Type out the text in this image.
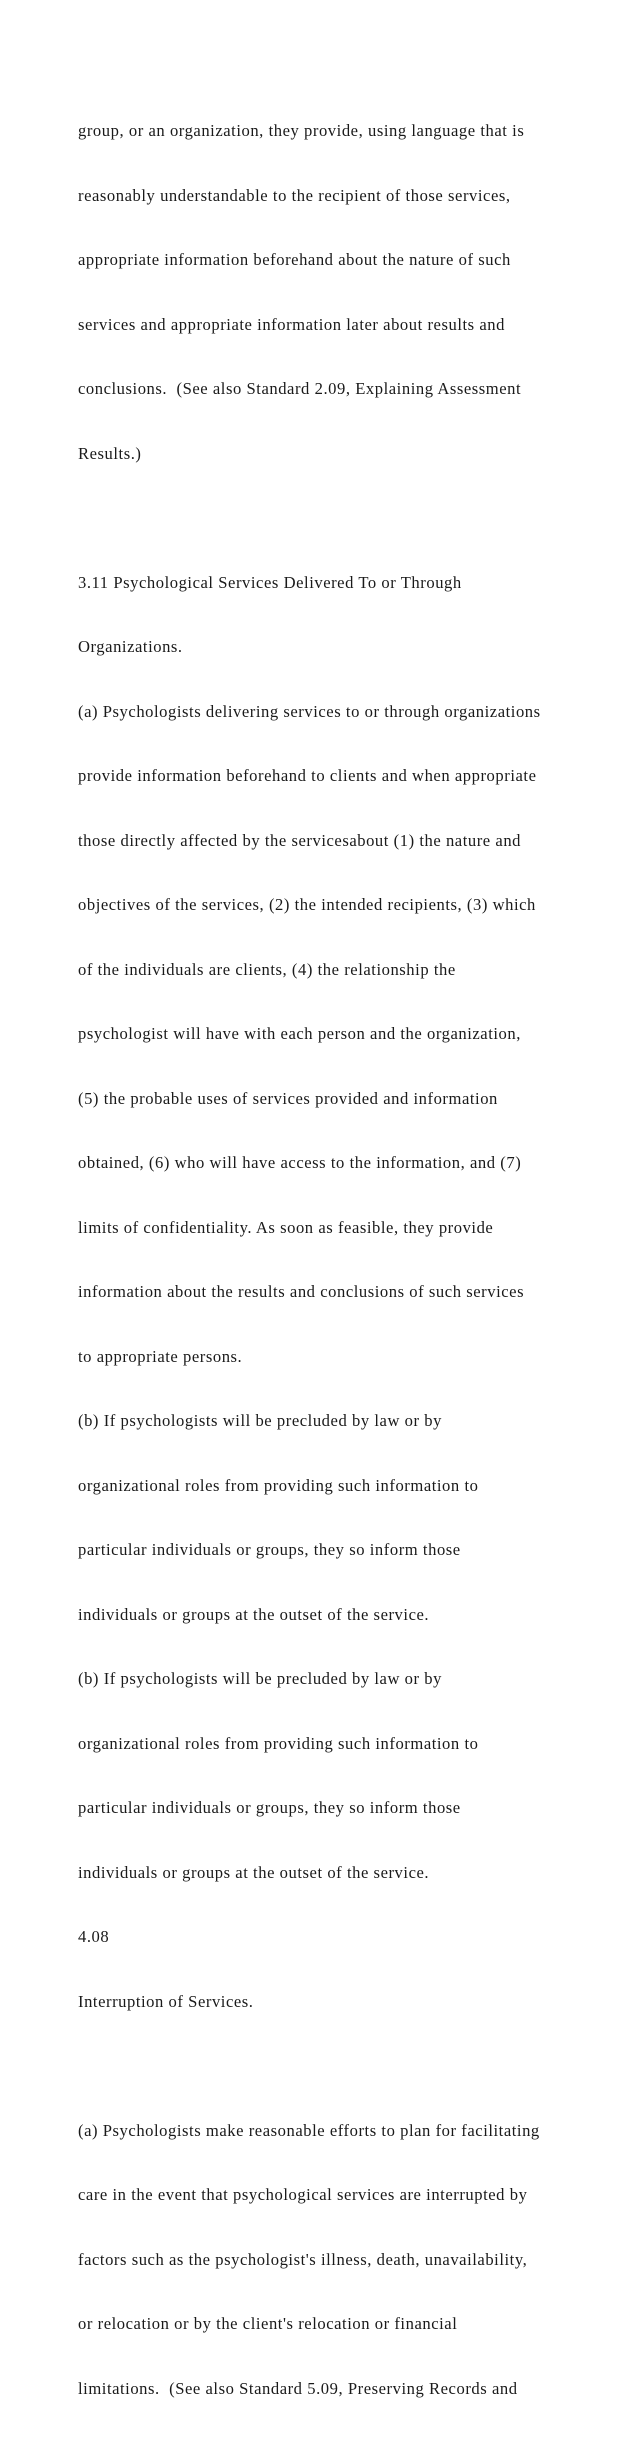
group, or an organization, they provide, using language that is

reasonably understandable to the recipient of those services,

appropriate information beforehand about the nature of such

services and appropriate information later about results and

conclusions.  (See also Standard 2.09, Explaining Assessment

Results.)

3.11 Psychological Services Delivered To or Through

Organizations.

(a) Psychologists delivering services to or through organizations

provide information beforehand to clients and when appropriate

those directly affected by the servicesabout (1) the nature and

objectives of the services, (2) the intended recipients, (3) which

of the individuals are clients, (4) the relationship the

psychologist will have with each person and the organization,

(5) the probable uses of services provided and information

obtained, (6) who will have access to the information, and (7)

limits of confidentiality. As soon as feasible, they provide

information about the results and conclusions of such services

to appropriate persons.

(b) If psychologists will be precluded by law or by

organizational roles from providing such information to

particular individuals or groups, they so inform those

individuals or groups at the outset of the service.

(b) If psychologists will be precluded by law or by

organizational roles from providing such information to

particular individuals or groups, they so inform those

individuals or groups at the outset of the service.

4.08

Interruption of Services.

(a) Psychologists make reasonable efforts to plan for facilitating

care in the event that psychological services are interrupted by

factors such as the psychologist's illness, death, unavailability,

or relocation or by the client's relocation or financial

limitations.  (See also Standard 5.09, Preserving Records and
